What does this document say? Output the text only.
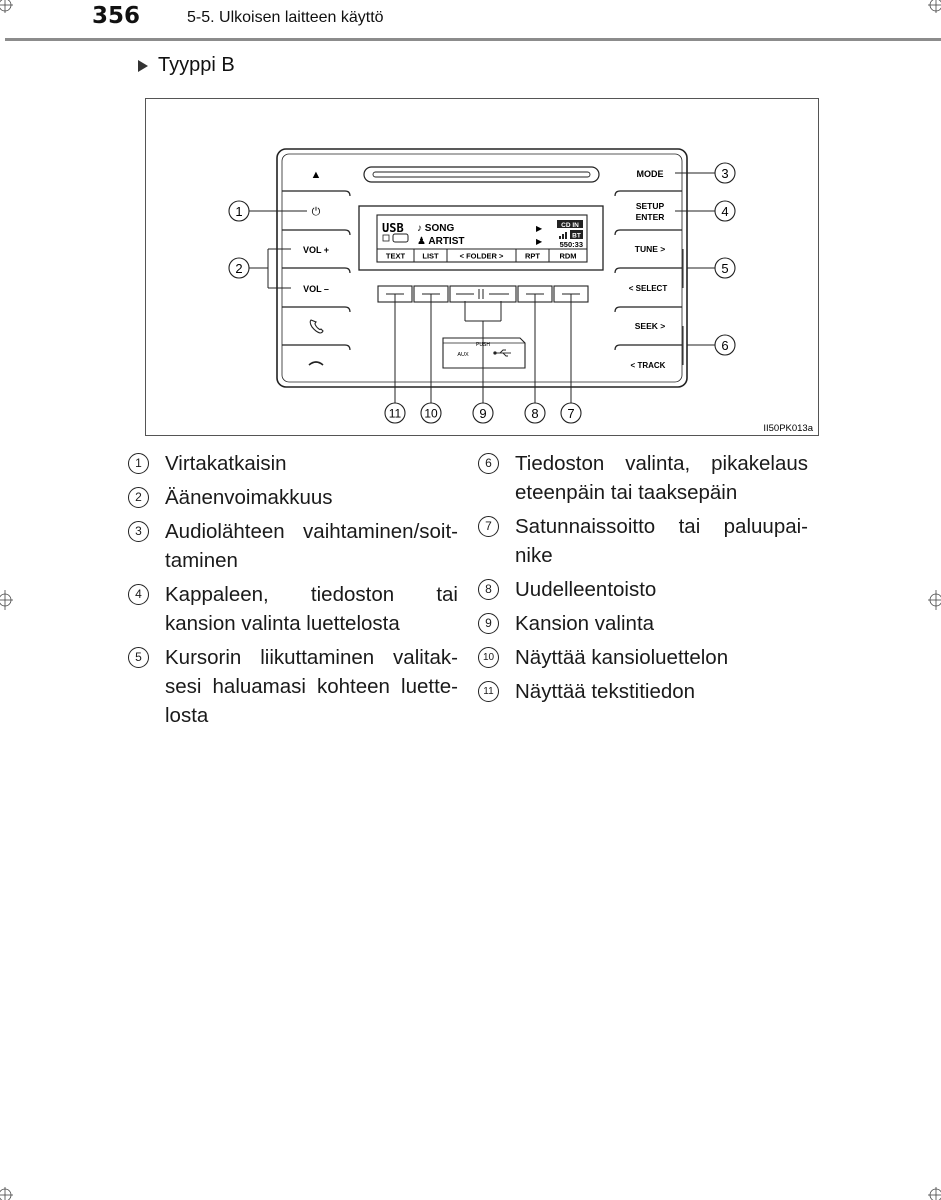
356	5-5. Ulkoisen laitteen käyttö
Tyyppi B
▲
⏻
VOL +
VOL –
MODE
SETUP
ENTER
TUNE >
< SELECT
SEEK >
< TRACK
USB ♪ SONG
♟ ARTIST
▶
▶
CD IN
BT
550:33
TEXT LIST	< FOLDER >	RPT	RDM
PUSH
AUX
1
2
3
4
5
6
11 10	9	8 7
II50PK013a
1	Virtakatkaisin
2	Äänenvoimakkuus
3	Audiolähteen vaihtaminen/soit-taminen
4	Kappaleen, tiedoston tai kansion valinta luettelosta
5	Kursorin liikuttaminen valitak-sesi haluamasi kohteen luette-losta
6	Tiedoston valinta, pikakelaus eteenpäin tai taaksepäin
7	Satunnaissoitto tai paluupai-nike
8	Uudelleentoisto
9	Kansion valinta
10 Näyttää kansioluettelon
11 Näyttää tekstitiedon
